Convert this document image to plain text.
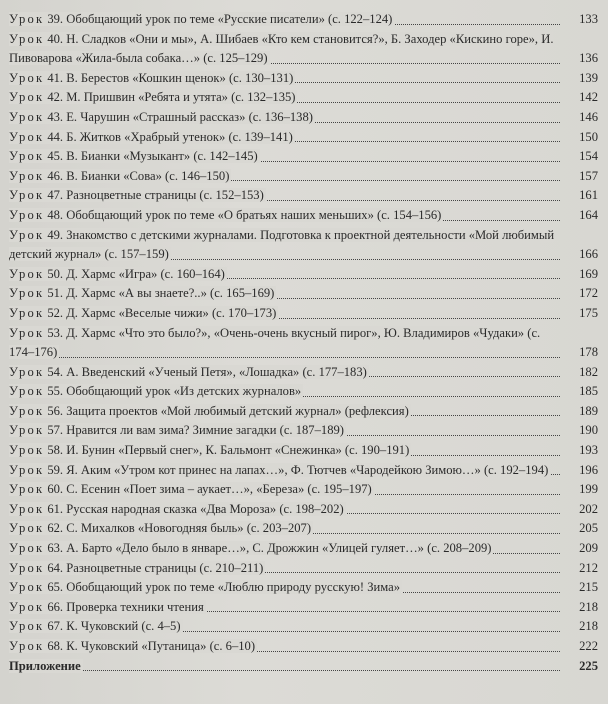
Урок 39. Обобщающий урок по теме «Русские писатели» (с. 122–124)	133
Урок 40. Н. Сладков «Они и мы», А. Шибаев «Кто кем становится?», Б. Заходер «Кискино горе», И. Пивоварова «Жила-была собака…» (с. 125–129)	136
Урок 41. В. Берестов «Кошкин щенок» (с. 130–131)	139
Урок 42. М. Пришвин «Ребята и утята» (с. 132–135)	142
Урок 43. Е. Чарушин «Страшный рассказ» (с. 136–138)	146
Урок 44. Б. Житков «Храбрый утенок» (с. 139–141)	150
Урок 45. В. Бианки «Музыкант» (с. 142–145)	154
Урок 46. В. Бианки «Сова» (с. 146–150)	157
Урок 47. Разноцветные страницы (с. 152–153)	161
Урок 48. Обобщающий урок по теме «О братьях наших меньших» (с. 154–156)	164
Урок 49. Знакомство с детскими журналами. Подготовка к проектной деятельности «Мой любимый детский журнал» (с. 157–159)	166
Урок 50. Д. Хармс «Игра» (с. 160–164)	169
Урок 51. Д. Хармс «А вы знаете?..» (с. 165–169)	172
Урок 52. Д. Хармс «Веселые чижи» (с. 170–173)	175
Урок 53. Д. Хармс «Что это было?», «Очень-очень вкусный пирог», Ю. Владимиров «Чудаки» (с. 174–176)	178
Урок 54. А. Введенский «Ученый Петя», «Лошадка» (с. 177–183)	182
Урок 55. Обобщающий урок «Из детских журналов»	185
Урок 56. Защита проектов «Мой любимый детский журнал» (рефлексия)	189
Урок 57. Нравится ли вам зима? Зимние загадки (с. 187–189)	190
Урок 58. И. Бунин «Первый снег», К. Бальмонт «Снежинка» (с. 190–191)	193
Урок 59. Я. Аким «Утром кот принес на лапах…», Ф. Тютчев «Чародейкою Зимою…» (с. 192–194)	196
Урок 60. С. Есенин «Поет зима – аукает…», «Береза» (с. 195–197)	199
Урок 61. Русская народная сказка «Два Мороза» (с. 198–202)	202
Урок 62. С. Михалков «Новогодняя быль» (с. 203–207)	205
Урок 63. А. Барто «Дело было в январе…», С. Дрожжин «Улицей гуляет…» (с. 208–209)	209
Урок 64. Разноцветные страницы (с. 210–211)	212
Урок 65. Обобщающий урок по теме «Люблю природу русскую! Зима»	215
Урок 66. Проверка техники чтения	218
Урок 67. К. Чуковский (с. 4–5)	218
Урок 68. К. Чуковский «Путаница» (с. 6–10)	222
Приложение	225
